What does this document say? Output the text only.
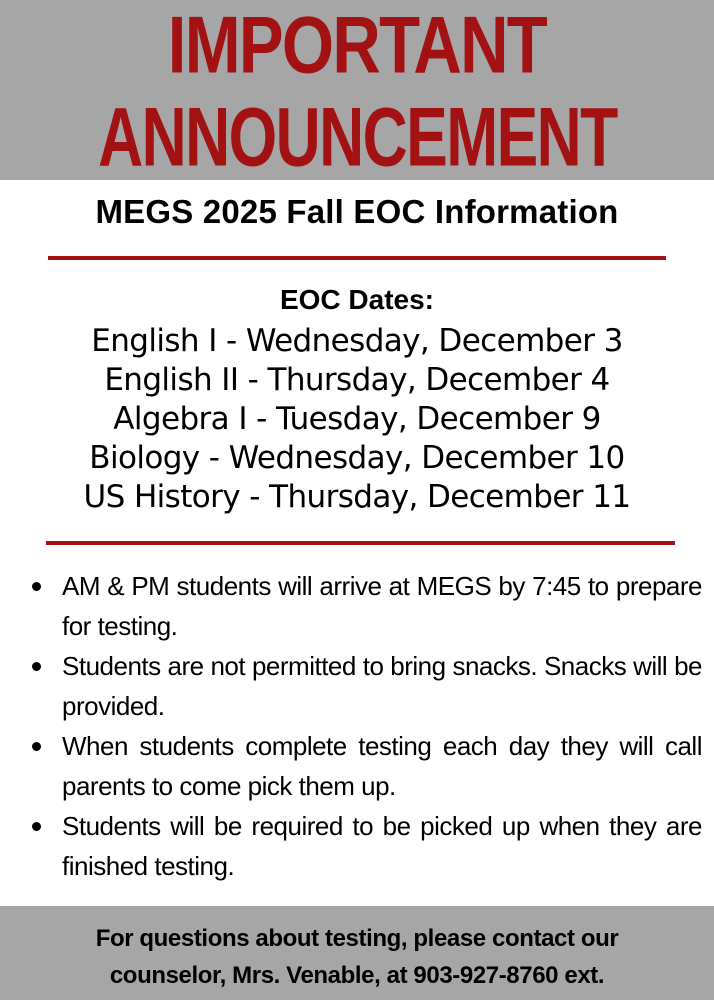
IMPORTANT
ANNOUNCEMENT
MEGS 2025 Fall EOC Information
EOC Dates:
English I - Wednesday, December 3
English II - Thursday, December 4
Algebra I - Tuesday, December 9
Biology - Wednesday, December 10
US History - Thursday, December 11
AM & PM students will arrive at MEGS by 7:45 to prepare for testing.
Students are not permitted to bring snacks. Snacks will be provided.
When students complete testing each day they will call parents to come pick them up.
Students will be required to be picked up when they are finished testing.
For questions about testing, please contact our
counselor, Mrs. Venable, at 903-927-8760 ext.
